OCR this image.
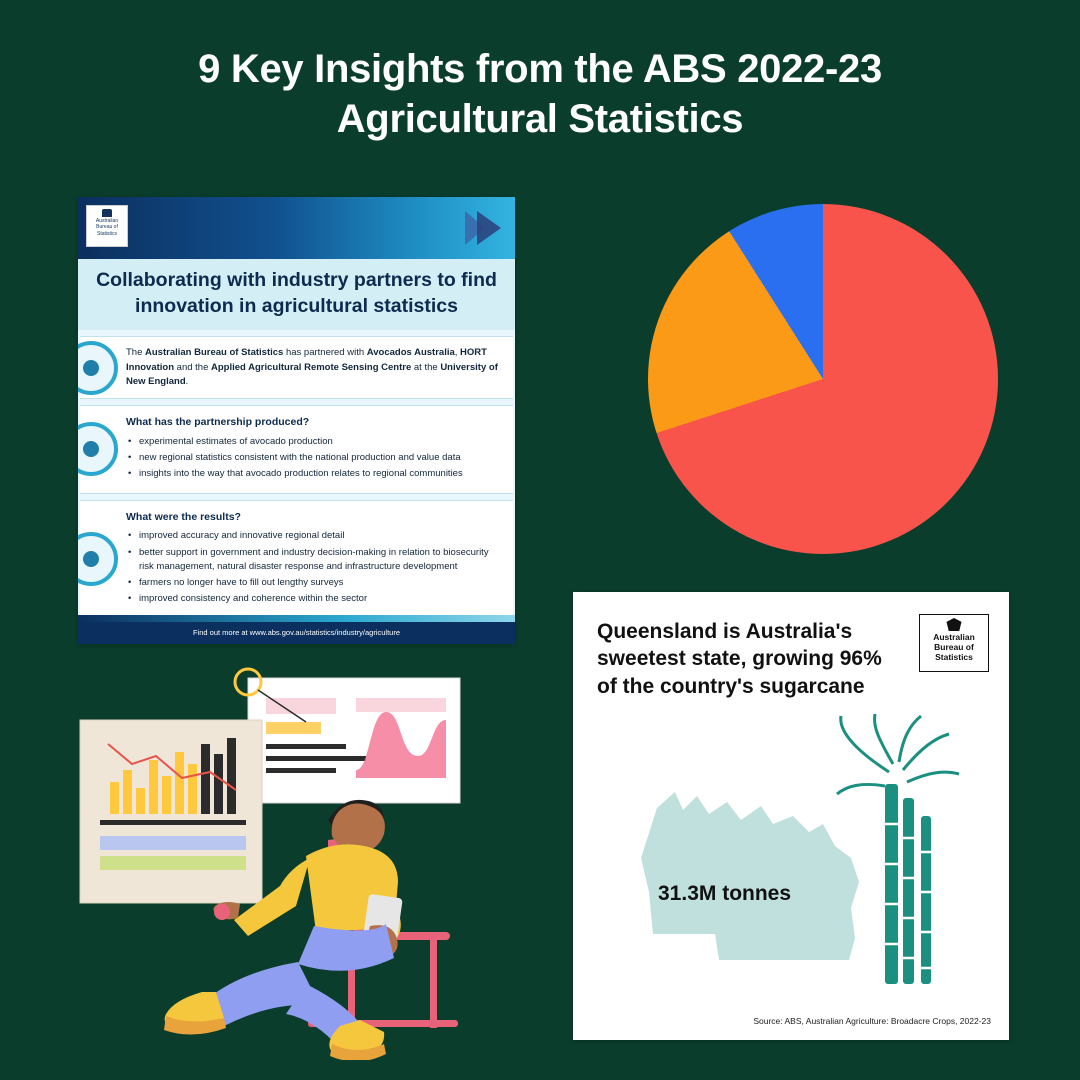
9 Key Insights from the ABS 2022-23
Agricultural Statistics
Australian Bureau of Statistics
Collaborating with industry partners to find
innovation in agricultural statistics

The Australian Bureau of Statistics has partnered with Avocados Australia, HORT Innovation and the Applied Agricultural Remote Sensing Centre at the University of New England.

What has the partnership produced?
• experimental estimates of avocado production
• new regional statistics consistent with the national production and value data
• insights into the way that avocado production relates to regional communities
What were the results?
• improved accuracy and innovative regional detail
• better support in government and industry decision-making in relation to biosecurity risk management, natural disaster response and infrastructure development
• farmers no longer have to fill out lengthy surveys
• improved consistency and coherence within the sector
Find out more at www.abs.gov.au/statistics/industry/agriculture	Queensland is Australia's
sweetest state, growing 96%
of the country's sugarcane
Australian
Bureau of
Statistics
31.3M tonnes
Source: ABS, Australian Agriculture: Broadacre Crops, 2022-23
